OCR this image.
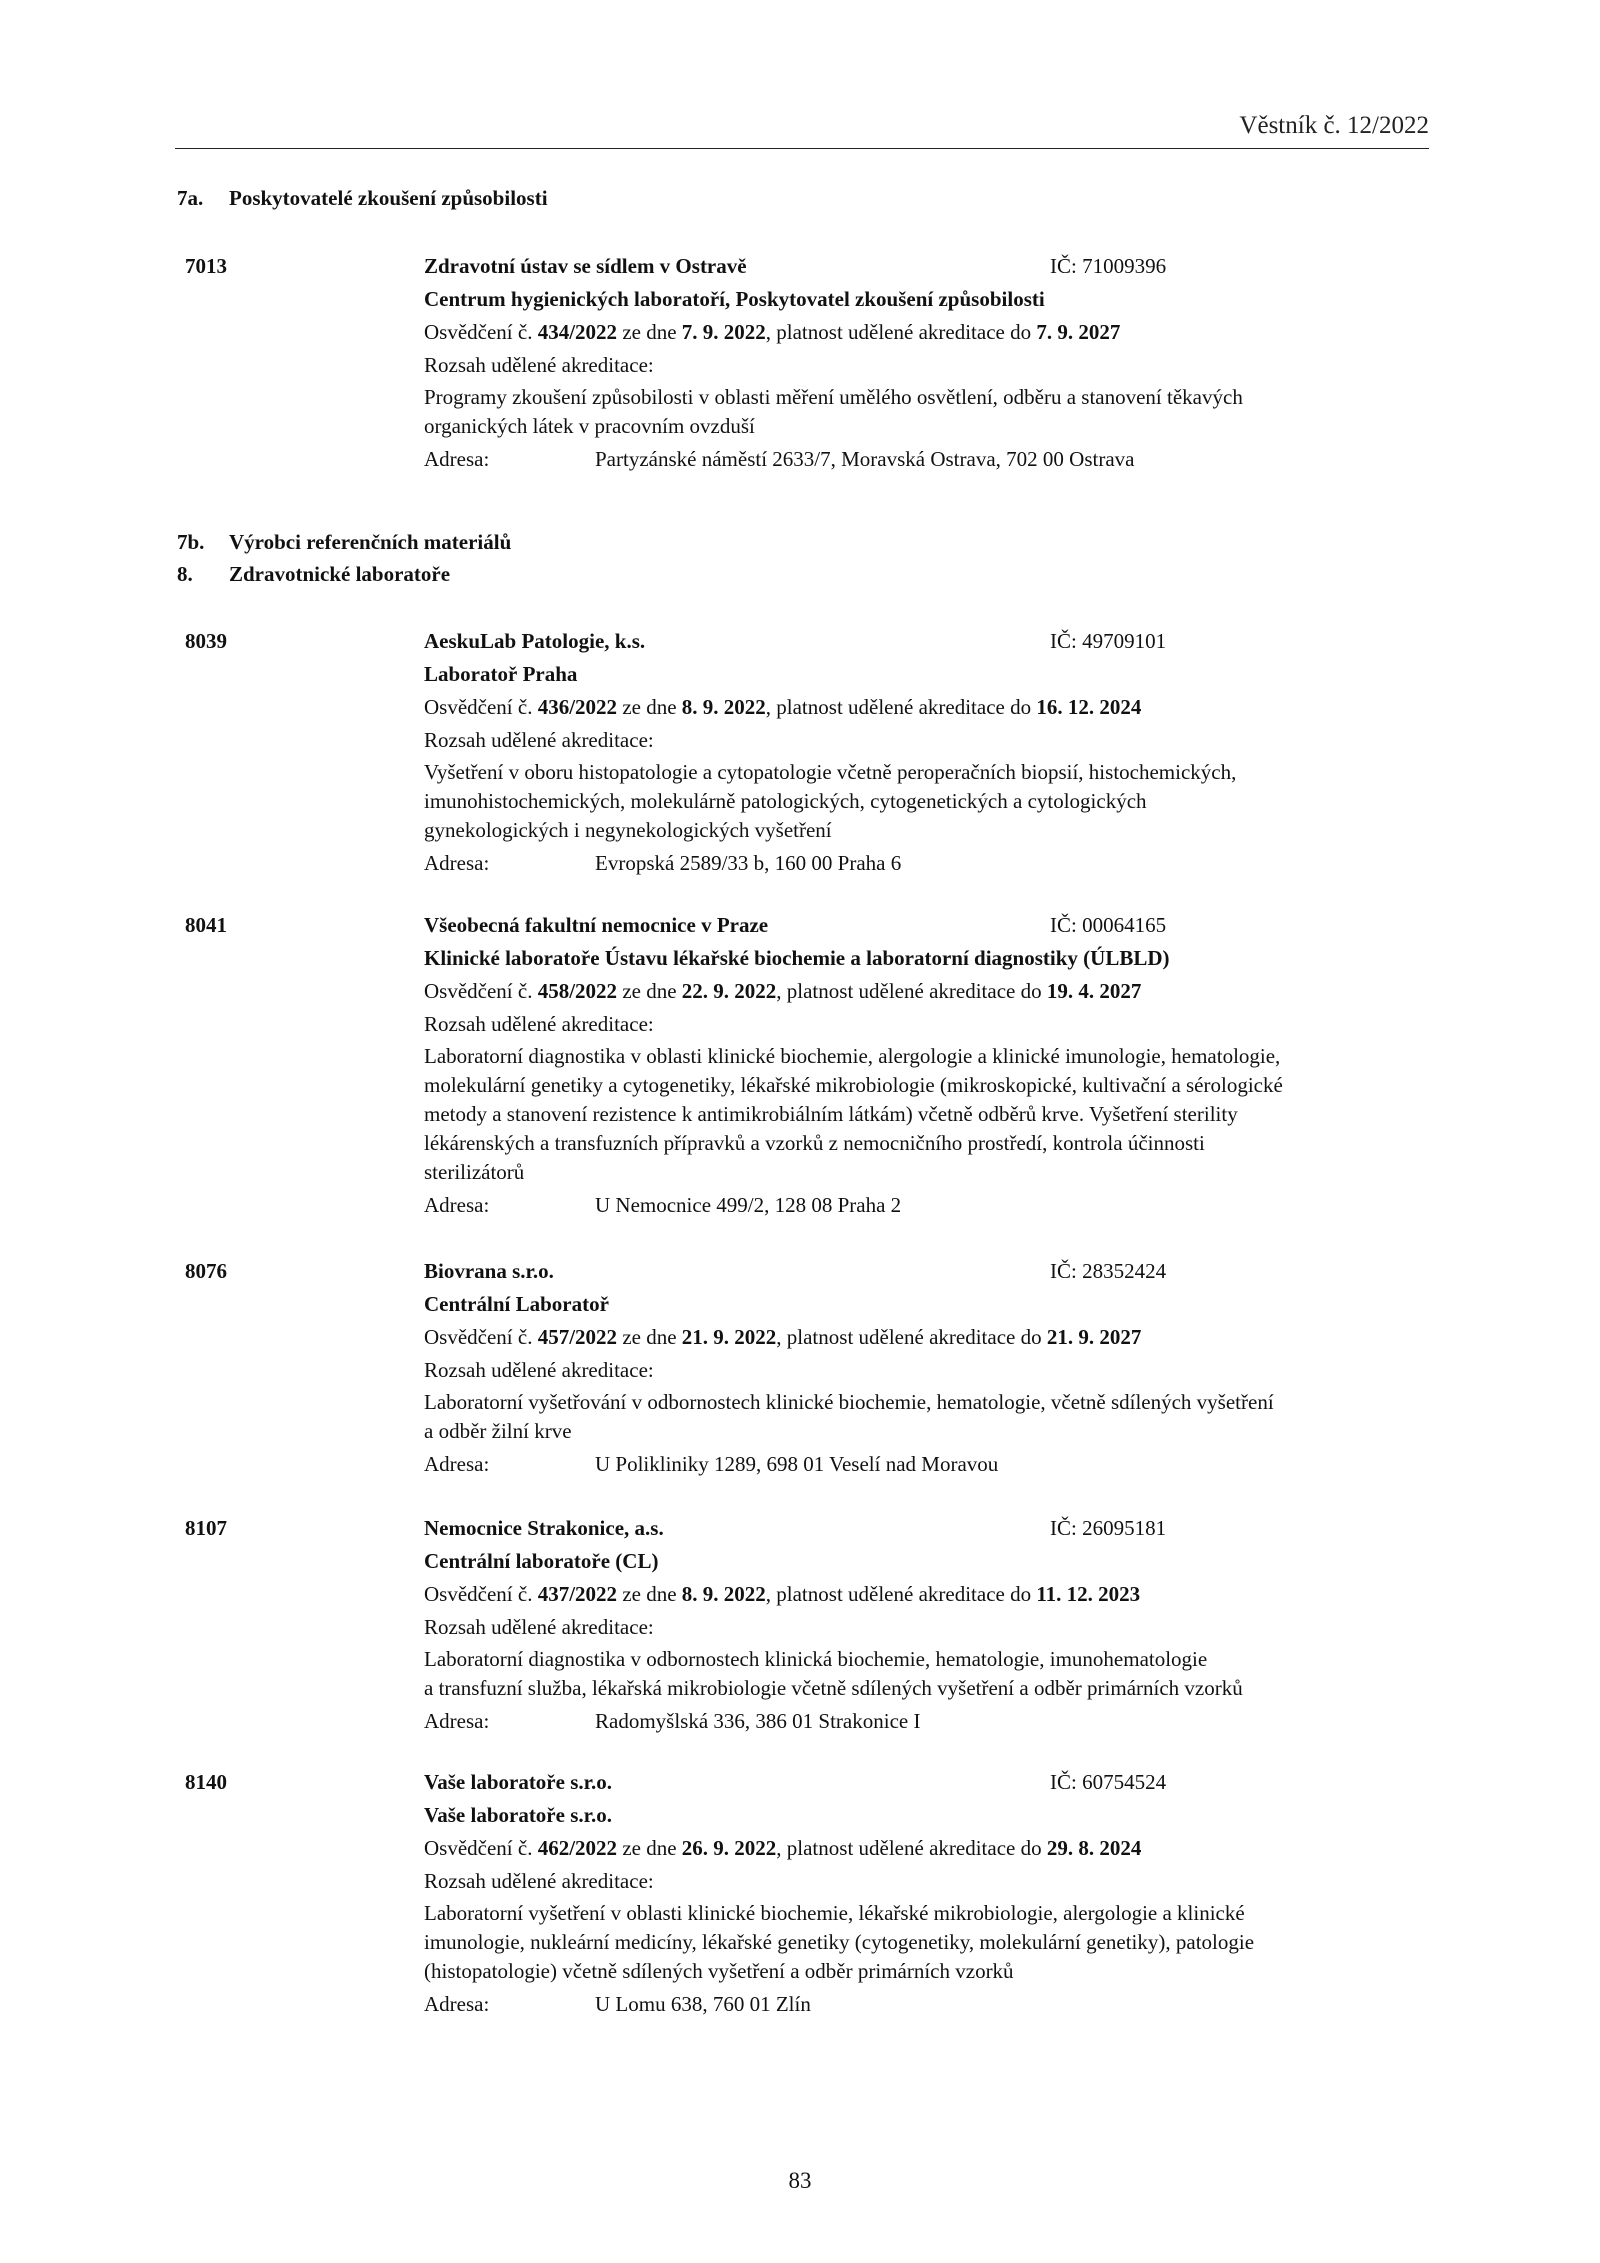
Věstník č. 12/2022
7a. Poskytovatelé zkoušení způsobilosti
7013	Zdravotní ústav se sídlem v Ostravě	IČ: 71009396
Centrum hygienických laboratoří, Poskytovatel zkoušení způsobilosti
Osvědčení č. 434/2022 ze dne 7. 9. 2022, platnost udělené akreditace do 7. 9. 2027
Rozsah udělené akreditace:
Programy zkoušení způsobilosti v oblasti měření umělého osvětlení, odběru a stanovení těkavých
organických látek v pracovním ovzduší
Adresa:	Partyzánské náměstí 2633/7, Moravská Ostrava, 702 00 Ostrava
7b. Výrobci referenčních materiálů
8. Zdravotnické laboratoře
8039	AeskuLab Patologie, k.s.	IČ: 49709101
Laboratoř Praha
Osvědčení č. 436/2022 ze dne 8. 9. 2022, platnost udělené akreditace do 16. 12. 2024
Rozsah udělené akreditace:
Vyšetření v oboru histopatologie a cytopatologie včetně peroperačních biopsií, histochemických,
imunohistochemických, molekulárně patologických, cytogenetických a cytologických
gynekologických i negynekologických vyšetření
Adresa:	Evropská 2589/33 b, 160 00 Praha 6
8041	Všeobecná fakultní nemocnice v Praze	IČ: 00064165
Klinické laboratoře Ústavu lékařské biochemie a laboratorní diagnostiky (ÚLBLD)
Osvědčení č. 458/2022 ze dne 22. 9. 2022, platnost udělené akreditace do 19. 4. 2027
Rozsah udělené akreditace:
Laboratorní diagnostika v oblasti klinické biochemie, alergologie a klinické imunologie, hematologie,
molekulární genetiky a cytogenetiky, lékařské mikrobiologie (mikroskopické, kultivační a sérologické
metody a stanovení rezistence k antimikrobiálním látkám) včetně odběrů krve. Vyšetření sterility
lékárenských a transfuzních přípravků a vzorků z nemocničního prostředí, kontrola účinnosti
sterilizátorů
Adresa:	U Nemocnice 499/2, 128 08 Praha 2
8076	Biovrana s.r.o.	IČ: 28352424
Centrální Laboratoř
Osvědčení č. 457/2022 ze dne 21. 9. 2022, platnost udělené akreditace do 21. 9. 2027
Rozsah udělené akreditace:
Laboratorní vyšetřování v odbornostech klinické biochemie, hematologie, včetně sdílených vyšetření
a odběr žilní krve
Adresa:	U Polikliniky 1289, 698 01 Veselí nad Moravou
8107	Nemocnice Strakonice, a.s.	IČ: 26095181
Centrální laboratoře (CL)
Osvědčení č. 437/2022 ze dne 8. 9. 2022, platnost udělené akreditace do 11. 12. 2023
Rozsah udělené akreditace:
Laboratorní diagnostika v odbornostech klinická biochemie, hematologie, imunohematologie
a transfuzní služba, lékařská mikrobiologie včetně sdílených vyšetření a odběr primárních vzorků
Adresa:	Radomyšlská 336, 386 01 Strakonice I
8140	Vaše laboratoře s.r.o.	IČ: 60754524
Vaše laboratoře s.r.o.
Osvědčení č. 462/2022 ze dne 26. 9. 2022, platnost udělené akreditace do 29. 8. 2024
Rozsah udělené akreditace:
Laboratorní vyšetření v oblasti klinické biochemie, lékařské mikrobiologie, alergologie a klinické
imunologie, nukleární medicíny, lékařské genetiky (cytogenetiky, molekulární genetiky), patologie
(histopatologie) včetně sdílených vyšetření a odběr primárních vzorků
Adresa:	U Lomu 638, 760 01 Zlín
83
